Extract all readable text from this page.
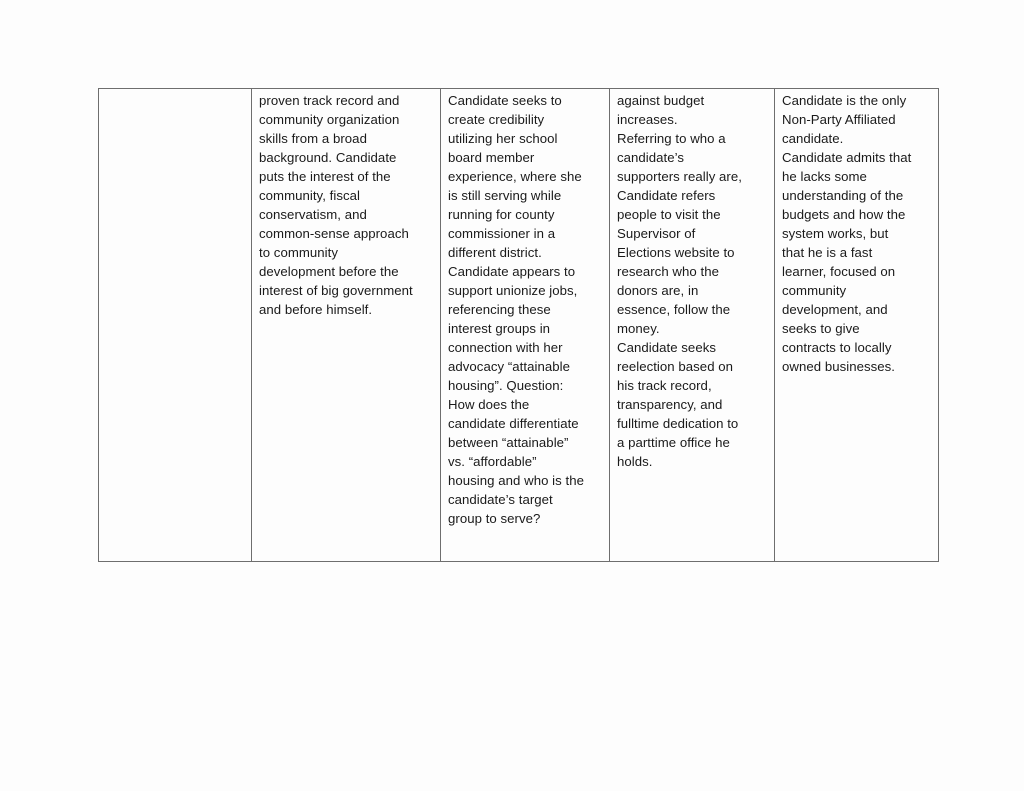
	proven track record and
community organization
skills from a broad
background. Candidate
puts the interest of the
community, fiscal
conservatism, and
common-sense approach
to community
development before the
interest of big government
and before himself.	Candidate seeks to
create credibility
utilizing her school
board member
experience, where she
is still serving while
running for county
commissioner in a
different district.
Candidate appears to
support unionize jobs,
referencing these
interest groups in
connection with her
advocacy “attainable
housing”. Question:
How does the
candidate differentiate
between “attainable”
vs. “affordable”
housing and who is the
candidate’s target
group to serve?	against budget
increases.
Referring to who a
candidate’s
supporters really are,
Candidate refers
people to visit the
Supervisor of
Elections website to
research who the
donors are, in
essence, follow the
money.
Candidate seeks
reelection based on
his track record,
transparency, and
fulltime dedication to
a parttime office he
holds.	Candidate is the only
Non-Party Affiliated
candidate.
Candidate admits that
he lacks some
understanding of the
budgets and how the
system works, but
that he is a fast
learner, focused on
community
development, and
seeks to give
contracts to locally
owned businesses.
